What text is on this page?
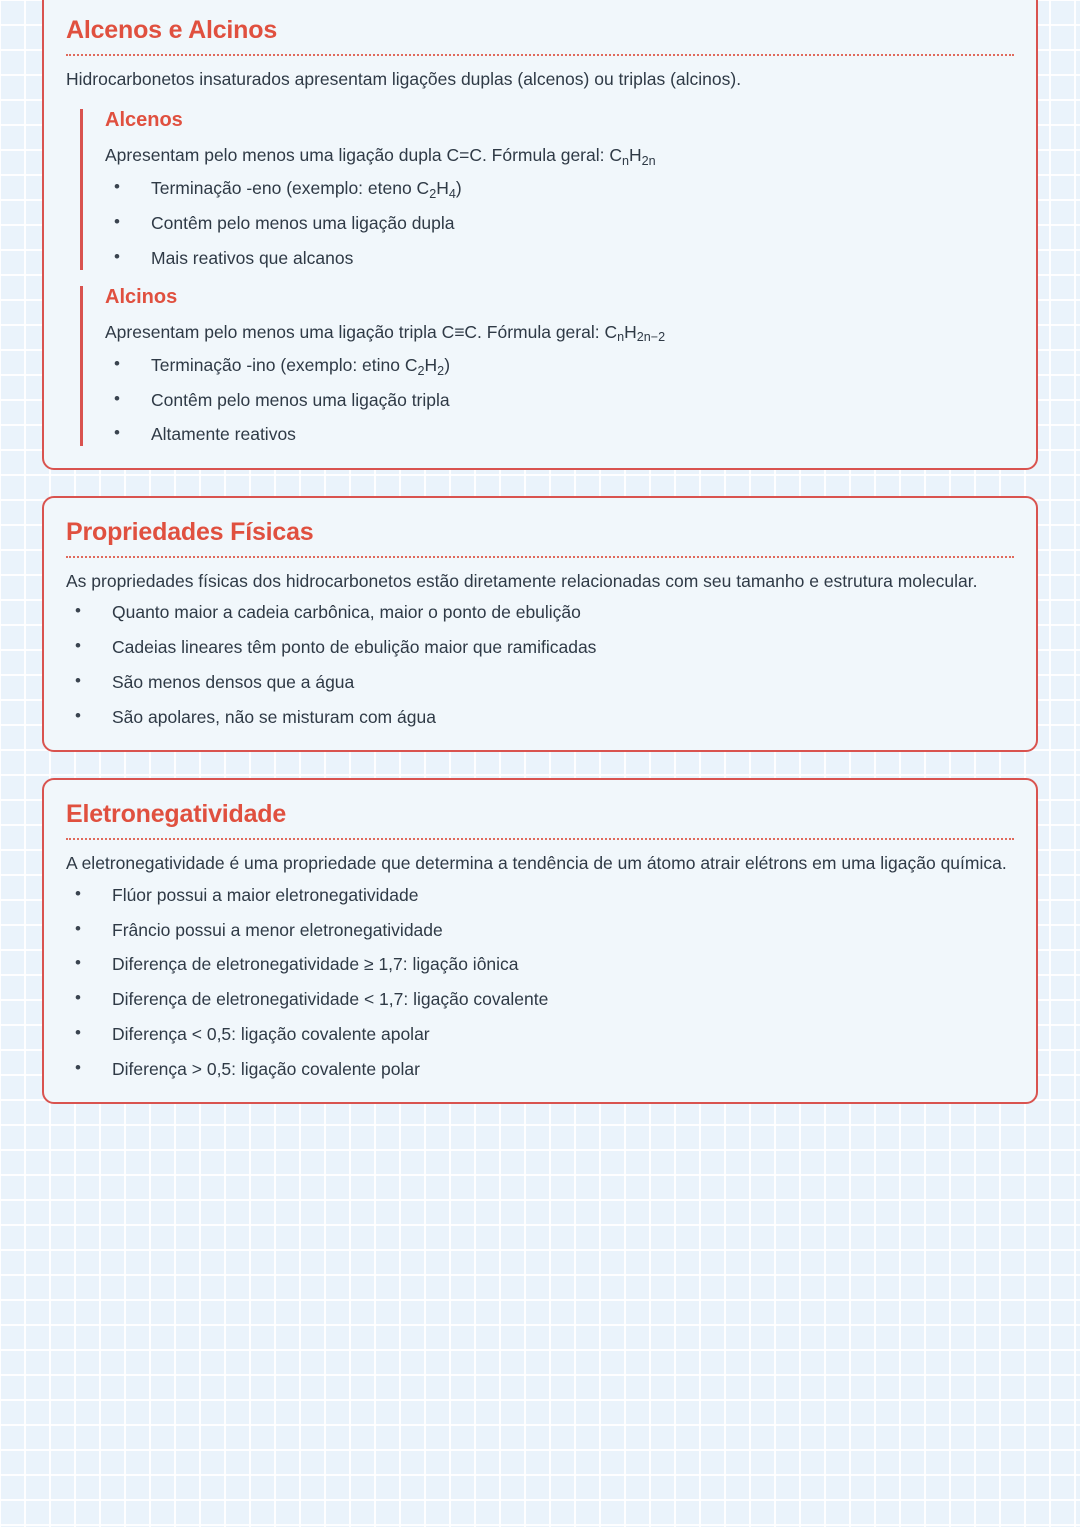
Alcenos e Alcinos

Hidrocarbonetos insaturados apresentam ligações duplas (alcenos) ou triplas (alcinos).

Alcenos

Apresentam pelo menos uma ligação dupla C=C. Fórmula geral: $C_nH_{2n}$

• Terminação -eno (exemplo: eteno $C_2H_4$)
• Contêm pelo menos uma ligação dupla
• Mais reativos que alcanos
Alcinos

Apresentam pelo menos uma ligação tripla C≡C. Fórmula geral: $C_nH_{2n-2}$

• Terminação -ino (exemplo: etino $C_2H_2$)
• Contêm pelo menos uma ligação tripla
• Altamente reativos
Propriedades Físicas

As propriedades físicas dos hidrocarbonetos estão diretamente relacionadas com seu tamanho e estrutura molecular.

• Quanto maior a cadeia carbônica, maior o ponto de ebulição
• Cadeias lineares têm ponto de ebulição maior que ramificadas
• São menos densos que a água
• São apolares, não se misturam com água
Eletronegatividade

A eletronegatividade é uma propriedade que determina a tendência de um átomo atrair elétrons em uma ligação química.

• Flúor possui a maior eletronegatividade
• Frâncio possui a menor eletronegatividade
• Diferença de eletronegatividade ≥ 1,7: ligação iônica
• Diferença de eletronegatividade < 1,7: ligação covalente
• Diferença < 0,5: ligação covalente apolar
• Diferença > 0,5: ligação covalente polar
